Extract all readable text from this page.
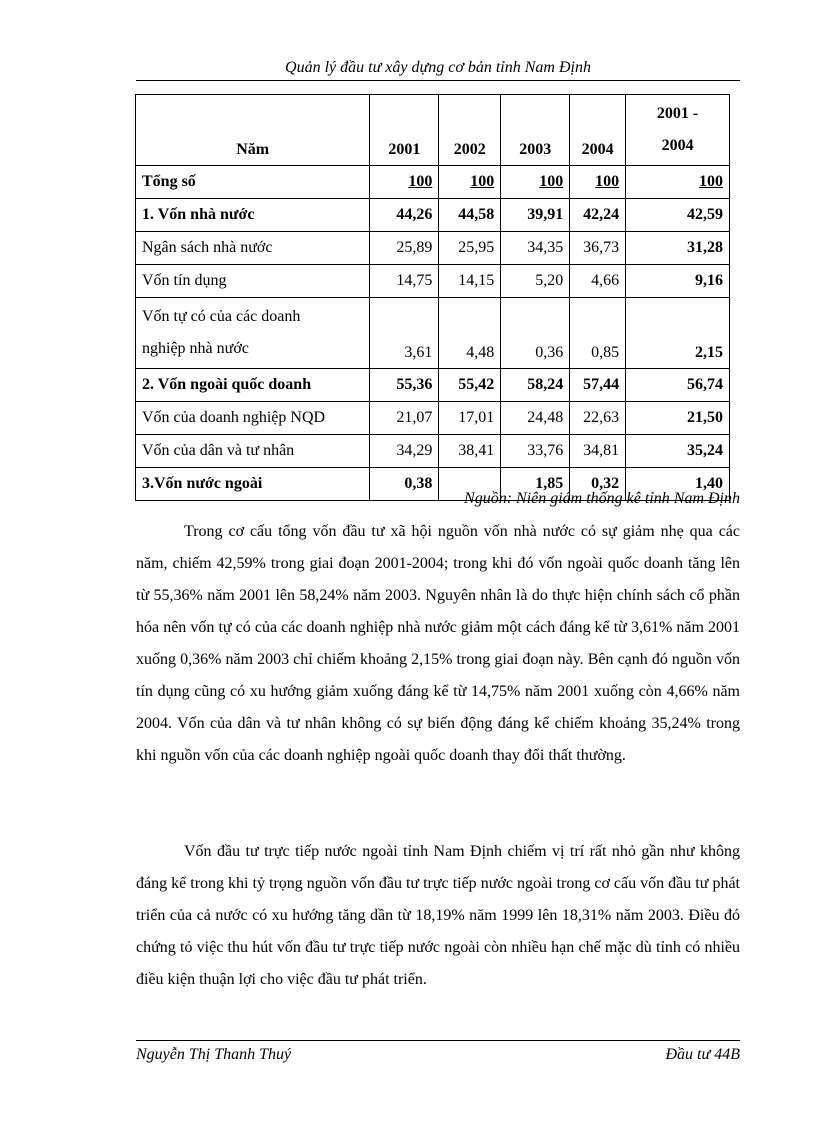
Quản lý đầu tư xây dựng cơ bản tỉnh Nam Định
Năm	2001	2002	2003	2004	2001 -
2004

Tổng số	100	100	100	100	100
1. Vốn nhà nước	44,26	44,58	39,91	42,24	42,59
Ngân sách nhà nước	25,89	25,95	34,35	36,73	31,28
Vốn tín dụng	14,75	14,15	5,20	4,66	9,16

Vốn tự có của các doanh
nghiệp nhà nước	3,61	4,48	0,36	0,85	2,15
2. Vốn ngoài quốc doanh	55,36	55,42	58,24	57,44	56,74
Vốn của doanh nghiệp NQD	21,07	17,01	24,48	22,63	21,50
Vốn của dân và tư nhân	34,29	38,41	33,76	34,81	35,24
3.Vốn nước ngoài	0,38		1,85	0,32	1,40
Nguồn: Niên giám thống kê tỉnh Nam Định

Trong cơ cấu tổng vốn đầu tư xã hội nguồn vốn nhà nước có sự giảm nhẹ qua các năm, chiếm 42,59% trong giai đoạn 2001-2004; trong khi đó vốn ngoài quốc doanh tăng lên từ 55,36% năm 2001 lên 58,24% năm 2003. Nguyên nhân là do thực hiện chính sách cổ phần hóa nên vốn tự có của các doanh nghiệp nhà nước giảm một cách đáng kể từ 3,61% năm 2001 xuống 0,36% năm 2003 chỉ chiếm khoảng 2,15% trong giai đoạn này. Bên cạnh đó nguồn vốn tín dụng cũng có xu hướng giảm xuống đáng kể từ 14,75% năm 2001 xuống còn 4,66% năm 2004. Vốn của dân và tư nhân không có sự biến động đáng kể chiếm khoảng 35,24% trong khi nguồn vốn của các doanh nghiệp ngoài quốc doanh thay đổi thất thường.

Vốn đầu tư trực tiếp nước ngoài tỉnh Nam Định chiếm vị trí rất nhỏ gần như không đáng kể trong khi tỷ trọng nguồn vốn đầu tư trực tiếp nước ngoài trong cơ cấu vốn đầu tư phát triển của cả nước có xu hướng tăng dần từ 18,19% năm 1999 lên 18,31% năm 2003. Điều đó chứng tỏ việc thu hút vốn đầu tư trực tiếp nước ngoài còn nhiều hạn chế mặc dù tỉnh có nhiều điều kiện thuận lợi cho việc đầu tư phát triển.

Nguyễn Thị Thanh Thuý	Đầu tư 44B
